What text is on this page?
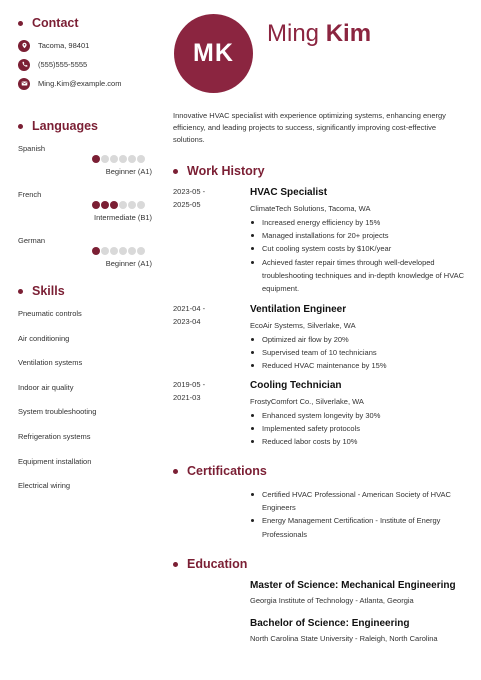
Contact
Tacoma, 98401
(555)555-5555
Ming.Kim@example.com
Languages
Spanish
Beginner (A1)
French
Intermediate (B1)
German
Beginner (A1)
Skills
Pneumatic controls
Air conditioning
Ventilation systems
Indoor air quality
System troubleshooting
Refrigeration systems
Equipment installation
Electrical wiring
MK
Ming Kim
Innovative HVAC specialist with experience optimizing systems, enhancing energy efficiency, and leading projects to success, significantly improving cost-effective solutions.
Work History
2023-05 -
2025-05
HVAC Specialist
ClimateTech Solutions, Tacoma, WA
Increased energy efficiency by 15%
Managed installations for 20+ projects
Cut cooling system costs by $10K/year
Achieved faster repair times through well-developed troubleshooting techniques and in-depth knowledge of HVAC equipment.
2021-04 -
2023-04
Ventilation Engineer
EcoAir Systems, Silverlake, WA
Optimized air flow by 20%
Supervised team of 10 technicians
Reduced HVAC maintenance by 15%
2019-05 -
2021-03
Cooling Technician
FrostyComfort Co., Silverlake, WA
Enhanced system longevity by 30%
Implemented safety protocols
Reduced labor costs by 10%
Certifications
Certified HVAC Professional - American Society of HVAC Engineers
Energy Management Certification - Institute of Energy Professionals
Education
Master of Science: Mechanical Engineering
Georgia Institute of Technology - Atlanta, Georgia
Bachelor of Science: Engineering
North Carolina State University - Raleigh, North Carolina
